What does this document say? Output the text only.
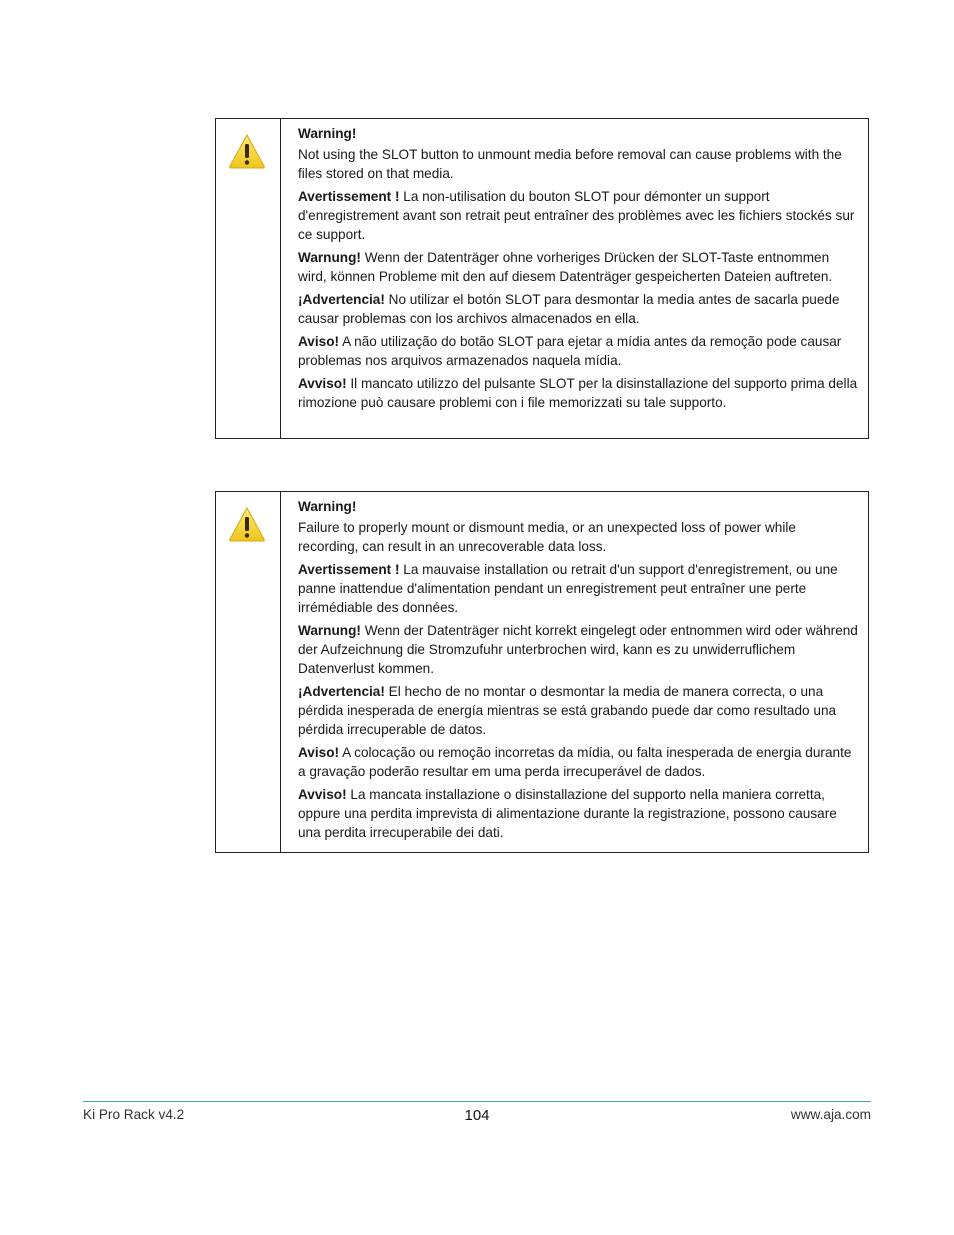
Warning!

Not using the SLOT button to unmount media before removal can cause problems with the files stored on that media.

Avertissement ! La non-utilisation du bouton SLOT pour démonter un support d'enregistrement avant son retrait peut entraîner des problèmes avec les fichiers stockés sur ce support.

Warnung! Wenn der Datenträger ohne vorheriges Drücken der SLOT-Taste entnommen wird, können Probleme mit den auf diesem Datenträger gespeicherten Dateien auftreten.

¡Advertencia! No utilizar el botón SLOT para desmontar la media antes de sacarla puede causar problemas con los archivos almacenados en ella.

Aviso! A não utilização do botão SLOT para ejetar a mídia antes da remoção pode causar problemas nos arquivos armazenados naquela mídia.

Avviso! Il mancato utilizzo del pulsante SLOT per la disinstallazione del supporto prima della rimozione può causare problemi con i file memorizzati su tale supporto.

Warning!

Failure to properly mount or dismount media, or an unexpected loss of power while recording, can result in an unrecoverable data loss.

Avertissement ! La mauvaise installation ou retrait d'un support d'enregistrement, ou une panne inattendue d'alimentation pendant un enregistrement peut entraîner une perte irrémédiable des données.

Warnung! Wenn der Datenträger nicht korrekt eingelegt oder entnommen wird oder während der Aufzeichnung die Stromzufuhr unterbrochen wird, kann es zu unwiderruflichem Datenverlust kommen.

¡Advertencia! El hecho de no montar o desmontar la media de manera correcta, o una pérdida inesperada de energía mientras se está grabando puede dar como resultado una pérdida irrecuperable de datos.

Aviso! A colocação ou remoção incorretas da mídia, ou falta inesperada de energia durante a gravação poderão resultar em uma perda irrecuperável de dados.

Avviso! La mancata installazione o disinstallazione del supporto nella maniera corretta, oppure una perdita imprevista di alimentazione durante la registrazione, possono causare una perdita irrecuperabile dei dati.

Ki Pro Rack v4.2	104	www.aja.com
